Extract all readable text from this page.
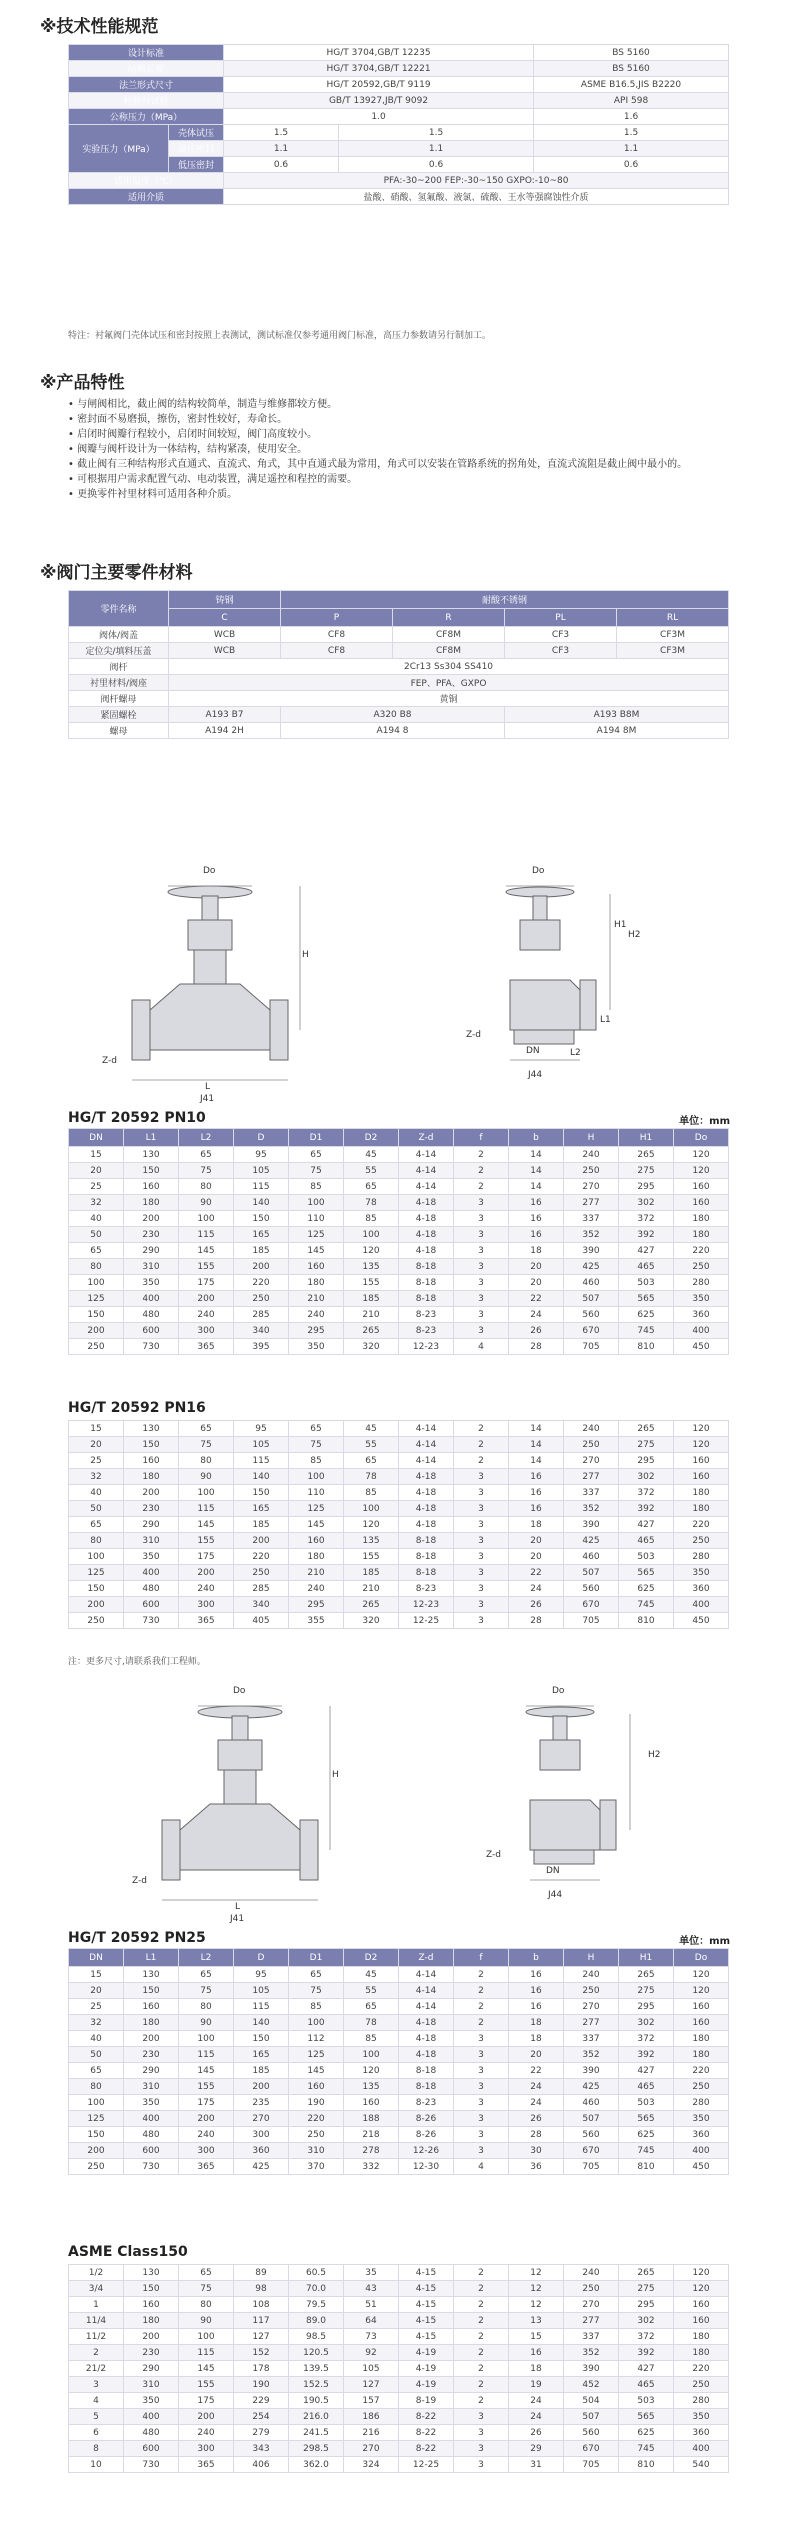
※技术性能规范
设计标准		HG/T 3704,GB/T 12235		BS 5160
结构长度		HG/T 3704,GB/T 12221		BS 5160
法兰形式尺寸		HG/T 20592,GB/T 9119		ASME B16.5,JIS B2220
检验与试验		GB/T 13927,JB/T 9092		API 598
公称压力（MPa）		1.0		1.6
实验压力（MPa）	壳体试压	1.5	1.5	1.5
	高压密封	1.1	1.1	1.1
	低压密封	0.6	0.6	0.6
适用温度（℃）		PFA:-30~200 FEP:-30~150 GXPO:-10~80		
适用介质		盐酸、硝酸、氢氟酸、液氯、硫酸、王水等强腐蚀性介质		
特注：衬氟阀门壳体试压和密封按照上表测试，测试标准仅参考通用阀门标准，高压力参数请另行制加工。
※产品特性
• 与闸阀相比，截止阀的结构较简单，制造与维修都较方便。
• 密封面不易磨损，擦伤，密封性较好，寿命长。
• 启闭时阀瓣行程较小，启闭时间较短，阀门高度较小。
• 阀瓣与阀杆设计为一体结构，结构紧凑，使用安全。
• 截止阀有三种结构形式直通式、直流式、角式，其中直通式最为常用，角式可以安装在管路系统的拐角处，直流式流阻是截止阀中最小的。
• 可根据用户需求配置气动、电动装置，满足遥控和程控的需要。
• 更换零件衬里材料可适用各种介质。
※阀门主要零件材料
零件名称	铸钢	耐酸不锈钢			
	C	P	R	PL	RL
阀体/阀盖	WCB	CF8	CF8M	CF3	CF3M
定位尖/填料压盖	WCB	CF8	CF8M	CF3	CF3M
阀杆	2Cr13 Ss304 SS410				
衬里材料/阀座	FEP、PFA、GXPO				
阀杆螺母	黄铜				
紧固螺栓	A193 B7	A320 B8		A193 B8M	
螺母	A194 2H	A194 8		A194 8M	
Do
H
L
Z-d
J41
Do
H1
H2
L1
L2
DN
Z-d
J44
HG/T 20592 PN10	单位：mm
DN	L1	L2	D	D1	D2	Z-d	f	b	H	H1	Do
15	130	65	95	65	45	4-14	2	14	240	265	120
20	150	75	105	75	55	4-14	2	14	250	275	120
25	160	80	115	85	65	4-14	2	14	270	295	160
32	180	90	140	100	78	4-18	3	16	277	302	160
40	200	100	150	110	85	4-18	3	16	337	372	180
50	230	115	165	125	100	4-18	3	16	352	392	180
65	290	145	185	145	120	4-18	3	18	390	427	220
80	310	155	200	160	135	8-18	3	20	425	465	250
100	350	175	220	180	155	8-18	3	20	460	503	280
125	400	200	250	210	185	8-18	3	22	507	565	350
150	480	240	285	240	210	8-23	3	24	560	625	360
200	600	300	340	295	265	8-23	3	26	670	745	400
250	730	365	395	350	320	12-23	4	28	705	810	450
HG/T 20592 PN16
15	130	65	95	65	45	4-14	2	14	240	265	120
20	150	75	105	75	55	4-14	2	14	250	275	120
25	160	80	115	85	65	4-14	2	14	270	295	160
32	180	90	140	100	78	4-18	3	16	277	302	160
40	200	100	150	110	85	4-18	3	16	337	372	180
50	230	115	165	125	100	4-18	3	16	352	392	180
65	290	145	185	145	120	4-18	3	18	390	427	220
80	310	155	200	160	135	8-18	3	20	425	465	250
100	350	175	220	180	155	8-18	3	20	460	503	280
125	400	200	250	210	185	8-18	3	22	507	565	350
150	480	240	285	240	210	8-23	3	24	560	625	360
200	600	300	340	295	265	12-23	3	26	670	745	400
250	730	365	405	355	320	12-25	3	28	705	810	450
注：更多尺寸,请联系我们工程师。
Do
H
L
Z-d
J41
Do
H2
DN
Z-d
J44
HG/T 20592 PN25	单位：mm
DN	L1	L2	D	D1	D2	Z-d	f	b	H	H1	Do
15	130	65	95	65	45	4-14	2	16	240	265	120
20	150	75	105	75	55	4-14	2	16	250	275	120
25	160	80	115	85	65	4-14	2	16	270	295	160
32	180	90	140	100	78	4-18	2	18	277	302	160
40	200	100	150	112	85	4-18	3	18	337	372	180
50	230	115	165	125	100	4-18	3	20	352	392	180
65	290	145	185	145	120	8-18	3	22	390	427	220
80	310	155	200	160	135	8-18	3	24	425	465	250
100	350	175	235	190	160	8-23	3	24	460	503	280
125	400	200	270	220	188	8-26	3	26	507	565	350
150	480	240	300	250	218	8-26	3	28	560	625	360
200	600	300	360	310	278	12-26	3	30	670	745	400
250	730	365	425	370	332	12-30	4	36	705	810	450
ASME Class150
1/2	130	65	89	60.5	35	4-15	2	12	240	265	120
3/4	150	75	98	70.0	43	4-15	2	12	250	275	120
1	160	80	108	79.5	51	4-15	2	12	270	295	160
11/4	180	90	117	89.0	64	4-15	2	13	277	302	160
11/2	200	100	127	98.5	73	4-15	2	15	337	372	180
2	230	115	152	120.5	92	4-19	2	16	352	392	180
21/2	290	145	178	139.5	105	4-19	2	18	390	427	220
3	310	155	190	152.5	127	4-19	2	19	452	465	250
4	350	175	229	190.5	157	8-19	2	24	504	503	280
5	400	200	254	216.0	186	8-22	3	24	507	565	350
6	480	240	279	241.5	216	8-22	3	26	560	625	360
8	600	300	343	298.5	270	8-22	3	29	670	745	400
10	730	365	406	362.0	324	12-25	3	31	705	810	540
